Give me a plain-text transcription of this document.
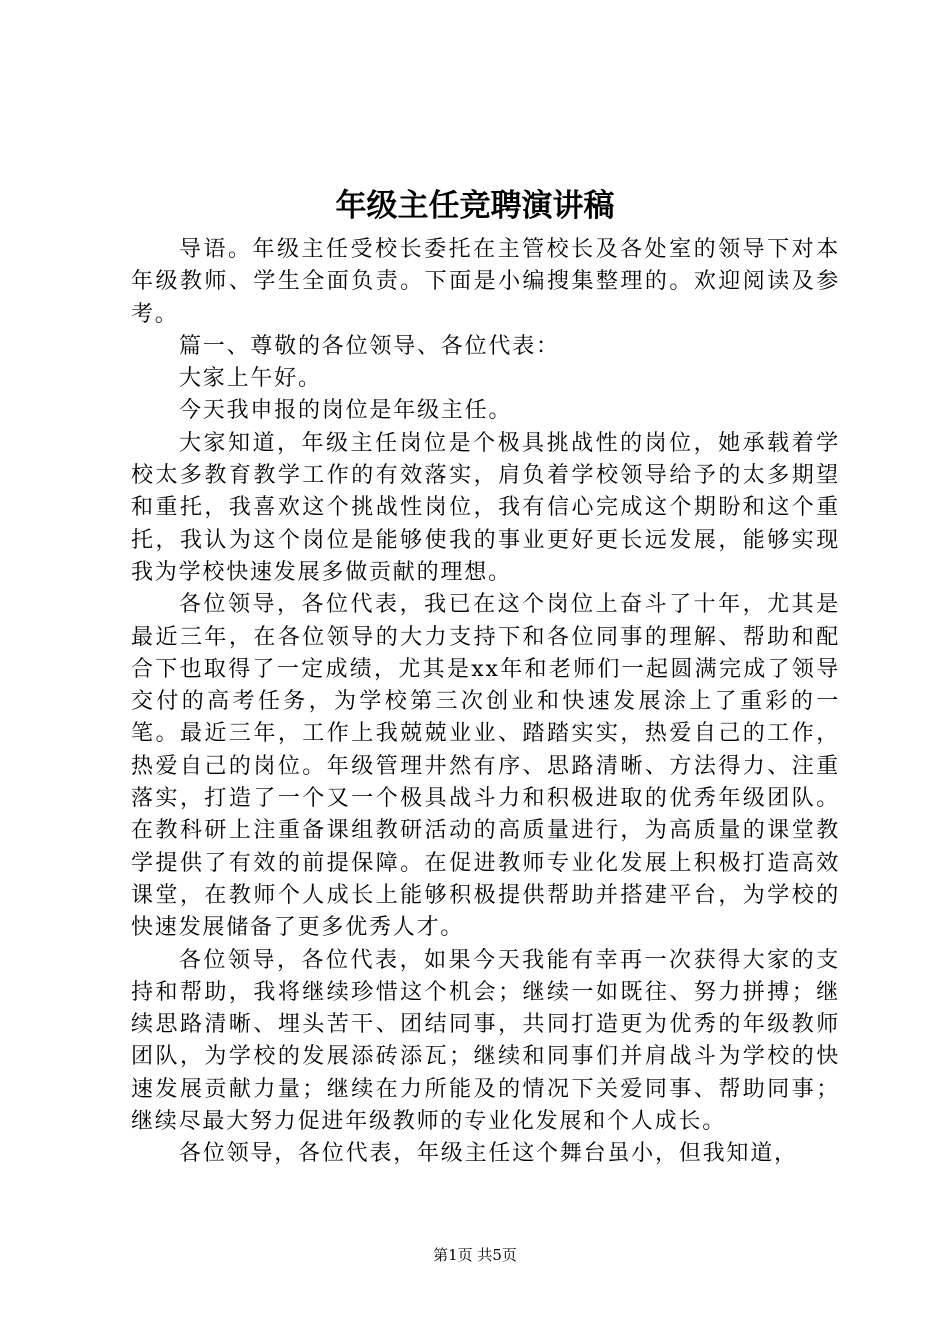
年级主任竞聘演讲稿

导语。年级主任受校长委托在主管校长及各处室的领导下对本年级教师、学生全面负责。下面是小编搜集整理的。欢迎阅读及参考。

篇一、尊敬的各位领导、各位代表：

大家上午好。

今天我申报的岗位是年级主任。

大家知道，年级主任岗位是个极具挑战性的岗位，她承载着学校太多教育教学工作的有效落实，肩负着学校领导给予的太多期望和重托，我喜欢这个挑战性岗位，我有信心完成这个期盼和这个重托，我认为这个岗位是能够使我的事业更好更长远发展，能够实现我为学校快速发展多做贡献的理想。

各位领导，各位代表，我已在这个岗位上奋斗了十年，尤其是最近三年，在各位领导的大力支持下和各位同事的理解、帮助和配合下也取得了一定成绩，尤其是xx年和老师们一起圆满完成了领导交付的高考任务，为学校第三次创业和快速发展涂上了重彩的一笔。最近三年，工作上我兢兢业业、踏踏实实，热爱自己的工作，热爱自己的岗位。年级管理井然有序、思路清晰、方法得力、注重落实，打造了一个又一个极具战斗力和积极进取的优秀年级团队。在教科研上注重备课组教研活动的高质量进行，为高质量的课堂教学提供了有效的前提保障。在促进教师专业化发展上积极打造高效课堂，在教师个人成长上能够积极提供帮助并搭建平台，为学校的快速发展储备了更多优秀人才。

各位领导，各位代表，如果今天我能有幸再一次获得大家的支持和帮助，我将继续珍惜这个机会；继续一如既往、努力拼搏；继续思路清晰、埋头苦干、团结同事，共同打造更为优秀的年级教师团队，为学校的发展添砖添瓦；继续和同事们并肩战斗为学校的快速发展贡献力量；继续在力所能及的情况下关爱同事、帮助同事；继续尽最大努力促进年级教师的专业化发展和个人成长。

各位领导，各位代表，年级主任这个舞台虽小，但我知道，

第1页 共5页
